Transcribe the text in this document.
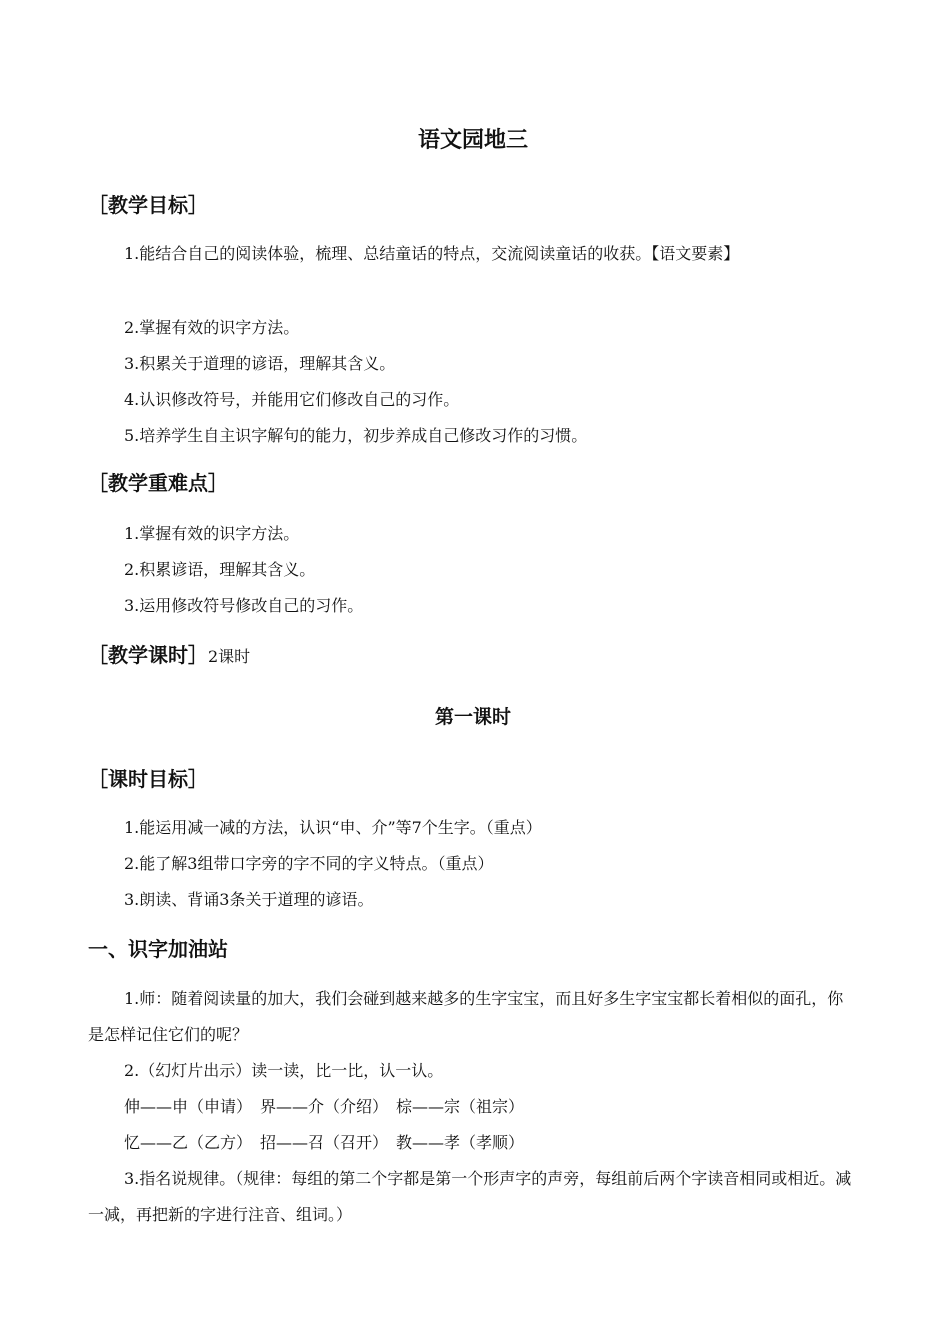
语文园地三
［教学目标］
1.能结合自己的阅读体验，梳理、总结童话的特点，交流阅读童话的收获。【语文要素】
2.掌握有效的识字方法。
3.积累关于道理的谚语，理解其含义。
4.认识修改符号，并能用它们修改自己的习作。
5.培养学生自主识字解句的能力，初步养成自己修改习作的习惯。
［教学重难点］
1.掌握有效的识字方法。
2.积累谚语，理解其含义。
3.运用修改符号修改自己的习作。
［教学课时］2课时
第一课时
［课时目标］
1.能运用减一减的方法，认识“申、介”等7个生字。（重点）
2.能了解3组带口字旁的字不同的字义特点。（重点）
3.朗读、背诵3条关于道理的谚语。
一、识字加油站
1.师：随着阅读量的加大，我们会碰到越来越多的生字宝宝，而且好多生字宝宝都长着相似的面孔，你是怎样记住它们的呢？
2.（幻灯片出示）读一读，比一比，认一认。
伸——申（申请）　界——介（介绍）　棕——宗（祖宗）
忆——乙（乙方）　招——召（召开）　教——孝（孝顺）
3.指名说规律。（规律：每组的第二个字都是第一个形声字的声旁，每组前后两个字读音相同或相近。减一减，再把新的字进行注音、组词。）
